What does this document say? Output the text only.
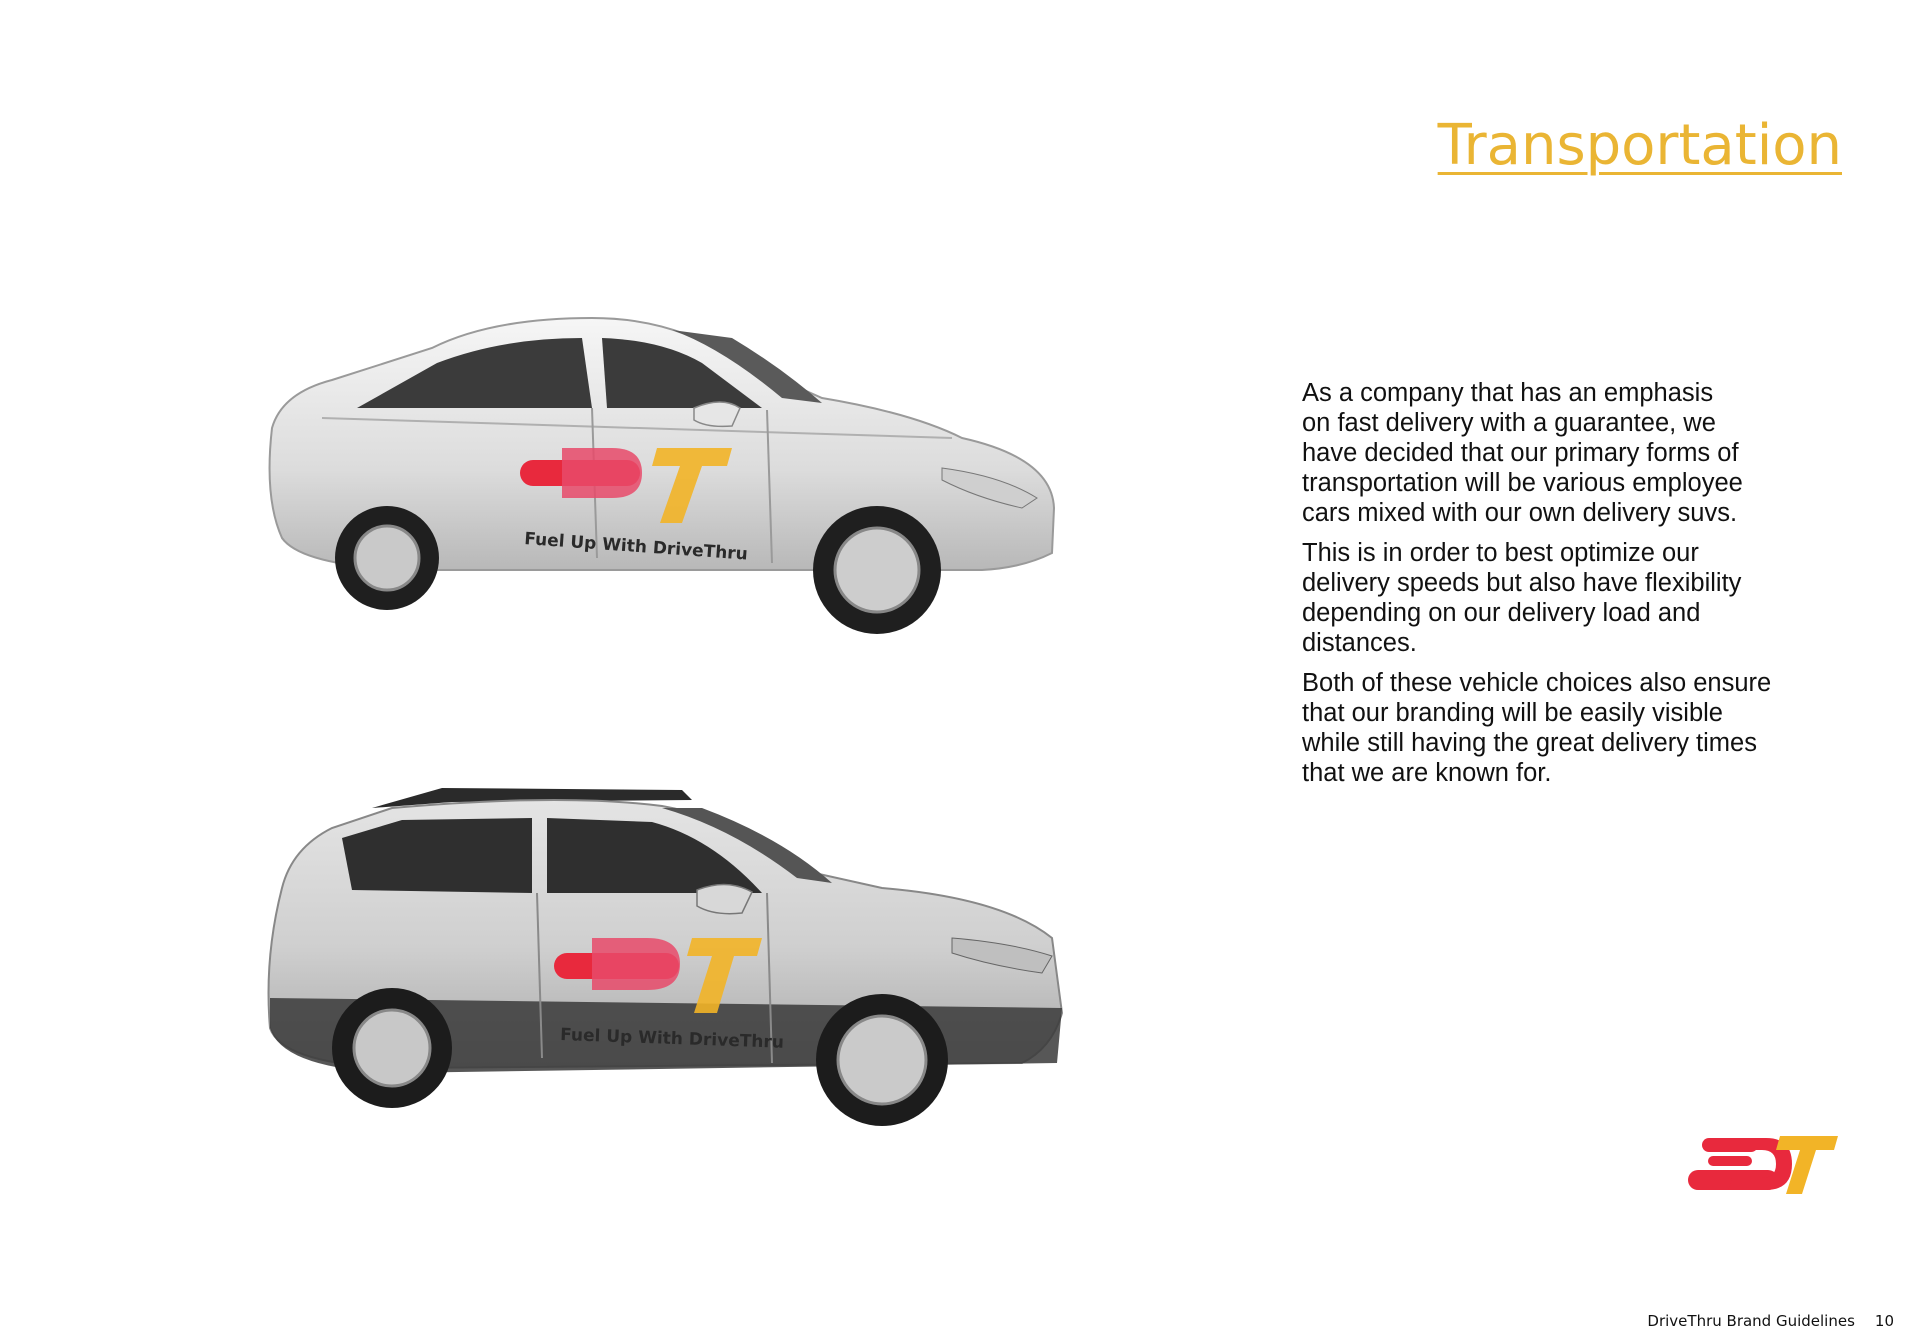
Transportation

As a company that has an emphasis
on fast delivery with a guarantee, we
have decided that our primary forms of
transportation will be various employee
cars mixed with our own delivery suvs.

This is in order to best optimize our
delivery speeds but also have flexibility
depending on our delivery load and
distances.

Both of these vehicle choices also ensure
that our branding will be easily visible
while still having the great delivery times
that we are known for.

Fuel Up With DriveThru
Fuel Up With DriveThru
DriveThru Brand Guidelines 10
